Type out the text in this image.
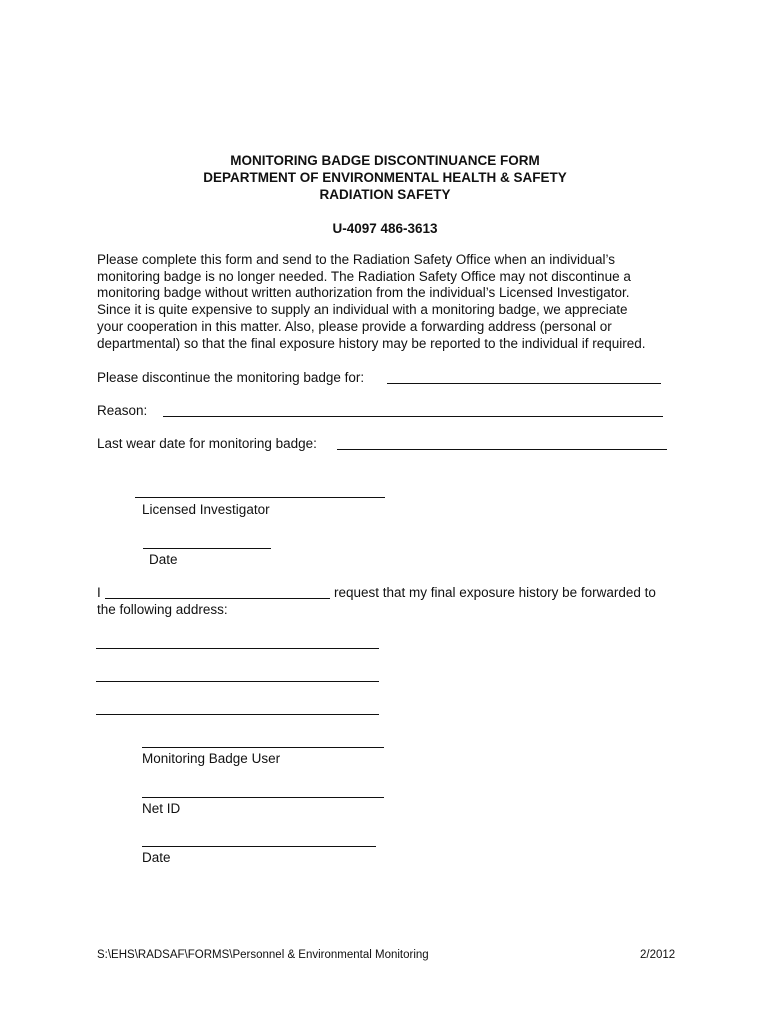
MONITORING BADGE DISCONTINUANCE FORM
DEPARTMENT OF ENVIRONMENTAL HEALTH & SAFETY
RADIATION SAFETY
U-4097 486-3613
Please complete this form and send to the Radiation Safety Office when an individual’s
monitoring badge is no longer needed. The Radiation Safety Office may not discontinue a
monitoring badge without written authorization from the individual’s Licensed Investigator.
Since it is quite expensive to supply an individual with a monitoring badge, we appreciate
your cooperation in this matter. Also, please provide a forwarding address (personal or
departmental) so that the final exposure history may be reported to the individual if required.
Please discontinue the monitoring badge for:
Reason:
Last wear date for monitoring badge:
Licensed Investigator
Date
I	request that my final exposure history be forwarded to
the following address:
Monitoring Badge User
Net ID
Date
S:\EHS\RADSAF\FORMS\Personnel & Environmental Monitoring	2/2012
